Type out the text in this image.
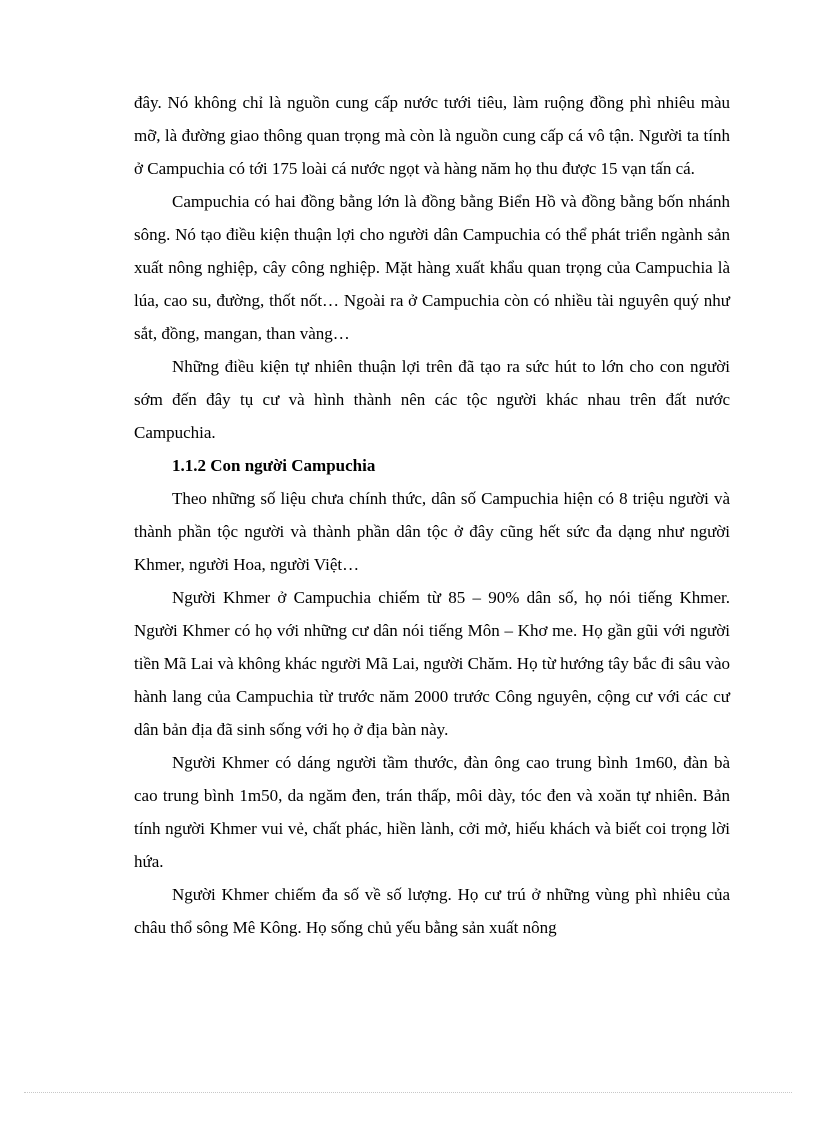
đây. Nó không chỉ là nguồn cung cấp nước tưới tiêu, làm ruộng đồng phì nhiêu màu mỡ, là đường giao thông quan trọng mà còn là nguồn cung cấp cá vô tận. Người ta tính ở Campuchia có tới 175 loài cá nước ngọt và hàng năm họ thu được 15 vạn tấn cá.

Campuchia có hai đồng bằng lớn là đồng bằng Biển Hồ và đồng bằng bốn nhánh sông. Nó tạo điều kiện thuận lợi cho người dân Campuchia có thể phát triển ngành sản xuất nông nghiệp, cây công nghiệp. Mặt hàng xuất khẩu quan trọng của Campuchia là lúa, cao su, đường, thốt nốt… Ngoài ra ở Campuchia còn có nhiều tài nguyên quý như sắt, đồng, mangan, than vàng…

Những điều kiện tự nhiên thuận lợi trên đã tạo ra sức hút to lớn cho con người sớm đến đây tụ cư và hình thành nên các tộc người khác nhau trên đất nước Campuchia.

1.1.2 Con người Campuchia

Theo những số liệu chưa chính thức, dân số Campuchia hiện có 8 triệu người và thành phần tộc người và thành phần dân tộc ở đây cũng hết sức đa dạng như người Khmer, người Hoa, người Việt…

Người Khmer ở Campuchia chiếm từ 85 – 90% dân số, họ nói tiếng Khmer. Người Khmer có họ với những cư dân nói tiếng Môn – Khơ me. Họ gần gũi với người tiền Mã Lai và không khác người Mã Lai, người Chăm. Họ từ hướng tây bắc đi sâu vào hành lang của Campuchia từ trước năm 2000 trước Công nguyên, cộng cư với các cư dân bản địa đã sinh sống với họ ở địa bàn này.

Người Khmer có dáng người tầm thước, đàn ông cao trung bình 1m60, đàn bà cao trung bình 1m50, da ngăm đen, trán thấp, môi dày, tóc đen và xoăn tự nhiên. Bản tính người Khmer vui vẻ, chất phác, hiền lành, cởi mở, hiếu khách và biết coi trọng lời hứa.

Người Khmer chiếm đa số về số lượng. Họ cư trú ở những vùng phì nhiêu của châu thổ sông Mê Kông. Họ sống chủ yếu bằng sản xuất nông
